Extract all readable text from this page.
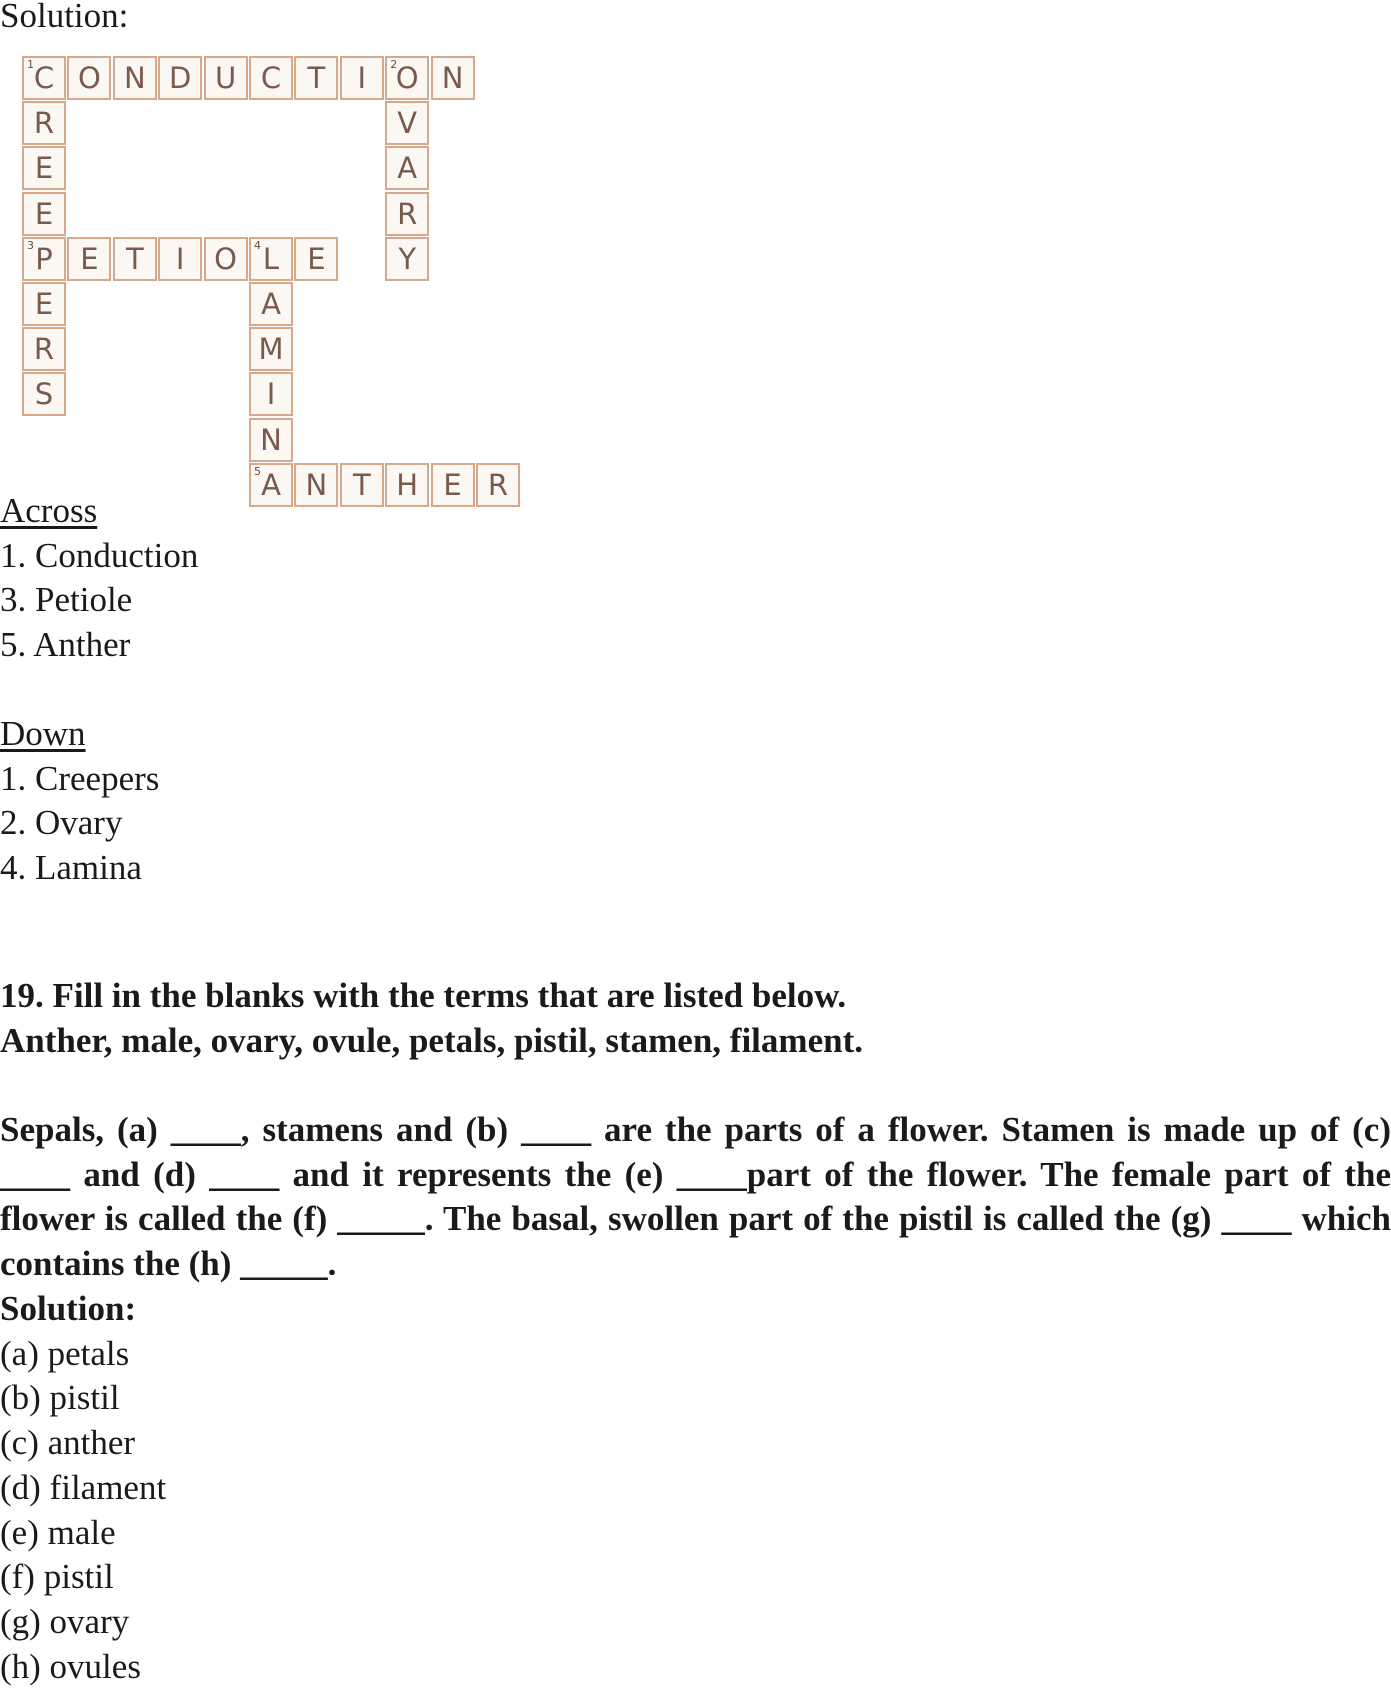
Solution:
1 C O N D U C T I 2
O N
R
E
E
3 P
E
R
S
V
A
R
Y
E T I O 4 L E
A
M
I
N
5 A N T H E R
Across
1. Conduction
3. Petiole
5. Anther
Down
1. Creepers
2. Ovary
4. Lamina
19. Fill in the blanks with the terms that are listed below.
Anther, male, ovary, ovule, petals, pistil, stamen, filament.
Sepals, (a) ____, stamens and (b) ____ are the parts of a flower. Stamen is made up of (c) ____ and (d) ____ and it represents the (e) ____part of the flower. The female part of the flower is called the (f) _____. The basal, swollen part of the pistil is called the (g) ____ which contains the (h) _____.
Solution:
(a) petals
(b) pistil
(c) anther
(d) filament
(e) male
(f) pistil
(g) ovary
(h) ovules
